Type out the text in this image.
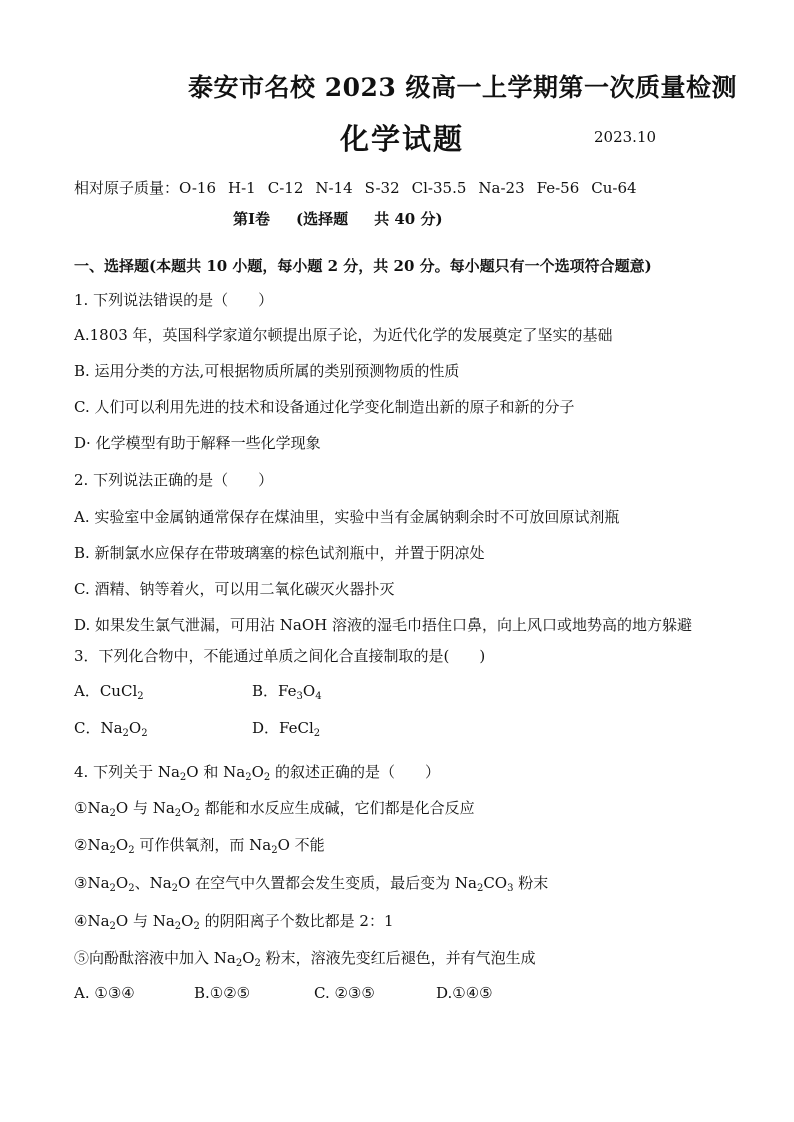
泰安市名校 2023 级高一上学期第一次质量检测
化学试题	2023.10
相对原子质量：O-16 H-1 C-12 N-14 S-32 Cl-35.5 Na-23 Fe-56 Cu-64
第Ⅰ卷 (选择题 共 40 分)
一、选择题(本题共 10 小题，每小题 2 分，共 20 分。每小题只有一个选项符合题意)
1. 下列说法错误的是（　　）
A.1803 年，英国科学家道尔顿提出原子论，为近代化学的发展奠定了坚实的基础
B. 运用分类的方法,可根据物质所属的类别预测物质的性质
C. 人们可以利用先进的技术和设备通过化学变化制造出新的原子和新的分子
D· 化学模型有助于解释一些化学现象
2. 下列说法正确的是（　　）
A. 实验室中金属钠通常保存在煤油里，实验中当有金属钠剩余时不可放回原试剂瓶
B. 新制氯水应保存在带玻璃塞的棕色试剂瓶中，并置于阴凉处
C. 酒精、钠等着火，可以用二氧化碳灭火器扑灭
D. 如果发生氯气泄漏，可用沾 NaOH 溶液的湿毛巾捂住口鼻，向上风口或地势高的地方躲避
3．下列化合物中，不能通过单质之间化合直接制取的是(　　)
A．CuCl$_2$	B．$Fe_3O_4$
C．$Na_2O_2$	D．FeCl$_2$
4. 下列关于 $Na_2O$ 和 $Na_2O_2$ 的叙述正确的是（　　）
$①Na_2O$ 与 $Na_2O_2$ 都能和水反应生成碱，它们都是化合反应
$②Na_2O_2$ 可作供氧剂，而 $Na_2O$ 不能
$③Na_2O_2$、$Na_2O$ 在空气中久置都会发生变质，最后变为 $Na_2CO_3$ 粉末
$④Na_2O$ 与 $Na_2O_2$ 的阴阳离子个数比都是 2：1
⑤向酚酞溶液中加入 $Na_2O_2$ 粉末，溶液先变红后褪色，并有气泡生成
A. ①③④	B.①②⑤	C. ②③⑤	D.①④⑤
